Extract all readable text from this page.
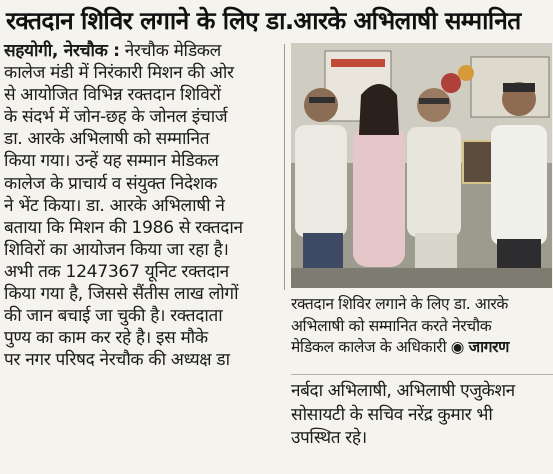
रक्तदान शिविर लगाने के लिए डा.आरके अभिलाषी सम्मानित
सहयोगी, नेरचौक : नेरचौक मेडिकल
कालेज मंडी में निरंकारी मिशन की ओर
से आयोजित विभिन्न रक्तदान शिविरों
के संदर्भ में जोन-छह के जोनल इंचार्ज
डा. आरके अभिलाषी को सम्मानित
किया गया। उन्हें यह सम्मान मेडिकल
कालेज के प्राचार्य व संयुक्त निदेशक
ने भेंट किया। डा. आरके अभिलाषी ने
बताया कि मिशन की 1986 से रक्तदान
शिविरों का आयोजन किया जा रहा है।
अभी तक 1247367 यूनिट रक्तदान
किया गया है, जिससे सैंतीस लाख लोगों
की जान बचाई जा चुकी है। रक्तदाता
पुण्य का काम कर रहे है। इस मौके
पर नगर परिषद नेरचौक की अध्यक्ष डा
रक्तदान शिविर लगाने के लिए डा. आरके
अभिलाषी को सम्मानित करते नेरचौक
मेडिकल कालेज के अधिकारी ◉ जागरण
नर्बदा अभिलाषी, अभिलाषी एजुकेशन
सोसायटी के सचिव नरेंद्र कुमार भी
उपस्थित रहे।
